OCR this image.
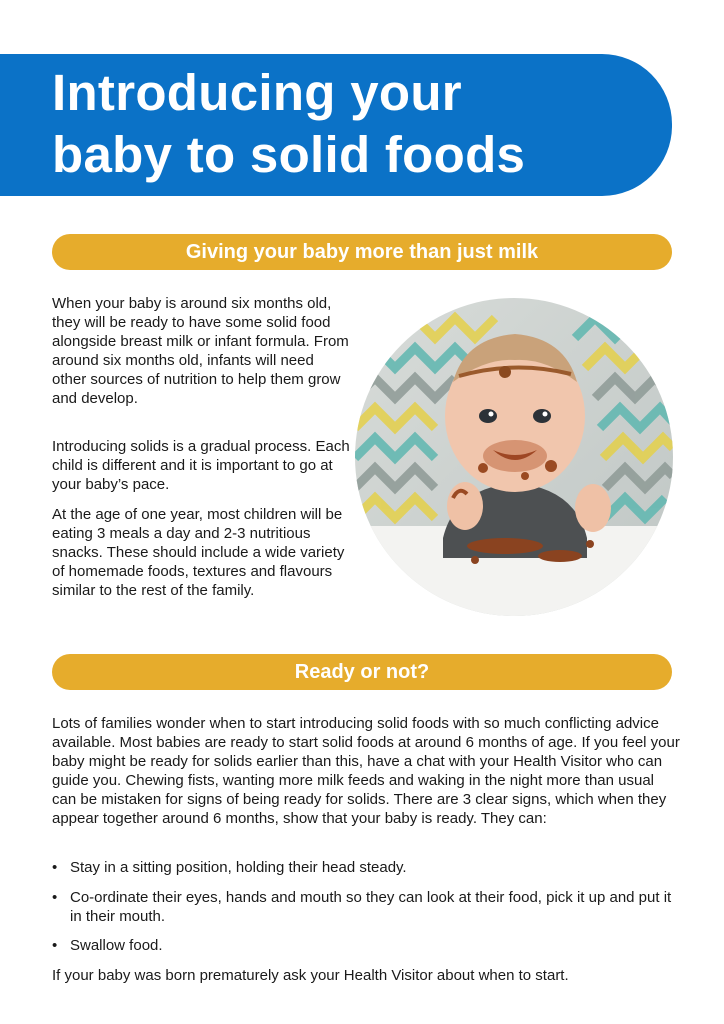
Introducing your
baby to solid foods
Giving your baby more than just milk

When your baby is around six months old, they will be ready to have some solid food alongside breast milk or infant formula. From around six months old, infants will need other sources of nutrition to help them grow and develop.

Introducing solids is a gradual process. Each child is different and it is important to go at your baby’s pace.

At the age of one year, most children will be eating 3 meals a day and 2-3 nutritious snacks. These should include a wide variety of homemade foods, textures and flavours similar to the rest of the family.

Ready or not?

Lots of families wonder when to start introducing solid foods with so much conflicting advice available. Most babies are ready to start solid foods at around 6 months of age. If you feel your baby might be ready for solids earlier than this, have a chat with your Health Visitor who can guide you. Chewing fists, wanting more milk feeds and waking in the night more than usual can be mistaken for signs of being ready for solids. There are 3 clear signs, which when they appear together around 6 months, show that your baby is ready. They can:

• Stay in a sitting position, holding their head steady.
• Co-ordinate their eyes, hands and mouth so they can look at their food, pick it up and put it in their mouth.
• Swallow food.

If your baby was born prematurely ask your Health Visitor about when to start.
